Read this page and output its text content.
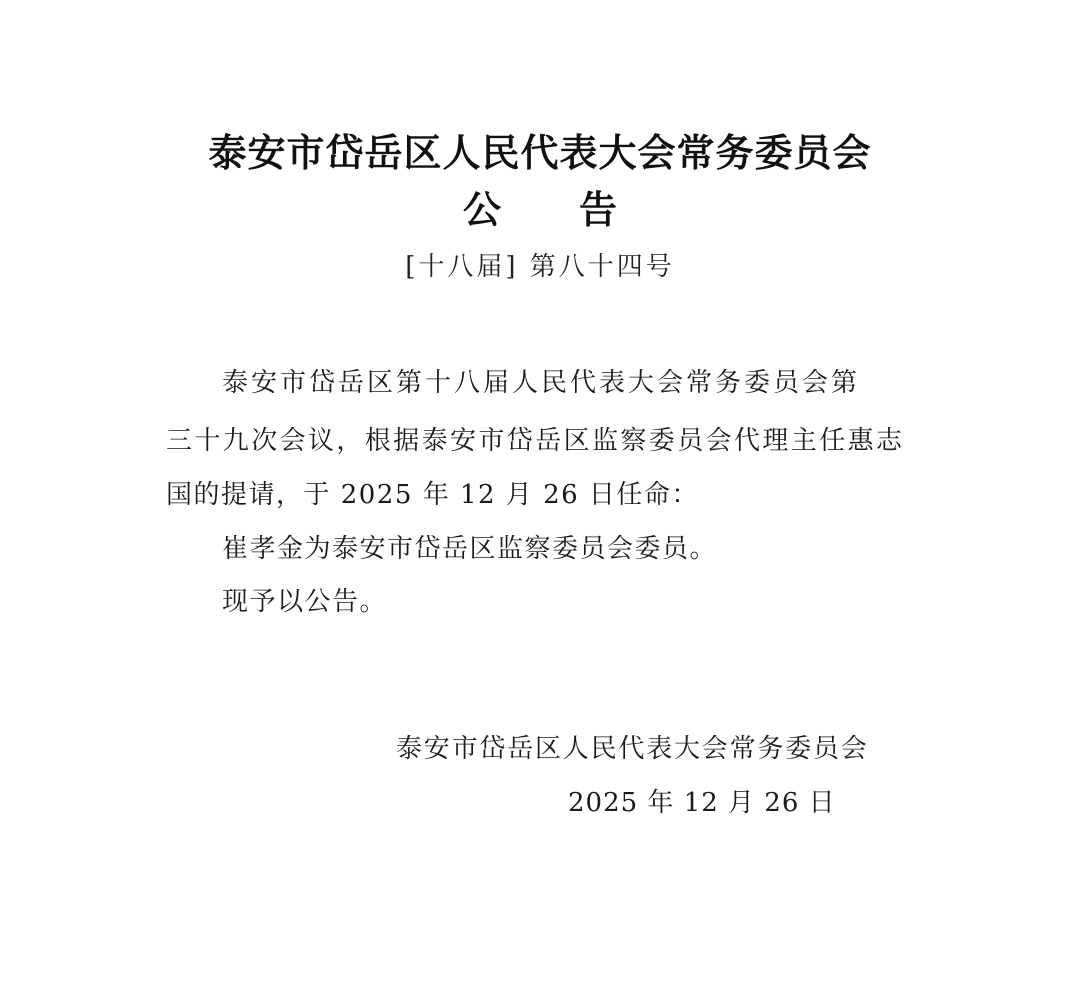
泰安市岱岳区人民代表大会常务委员会
公 告
[十八届] 第八十四号
泰安市岱岳区第十八届人民代表大会常务委员会第
三十九次会议，根据泰安市岱岳区监察委员会代理主任惠志
国的提请，于 2025 年 12 月 26 日任命：
崔孝金为泰安市岱岳区监察委员会委员。
现予以公告。
泰安市岱岳区人民代表大会常务委员会
2025 年 12 月 26 日
